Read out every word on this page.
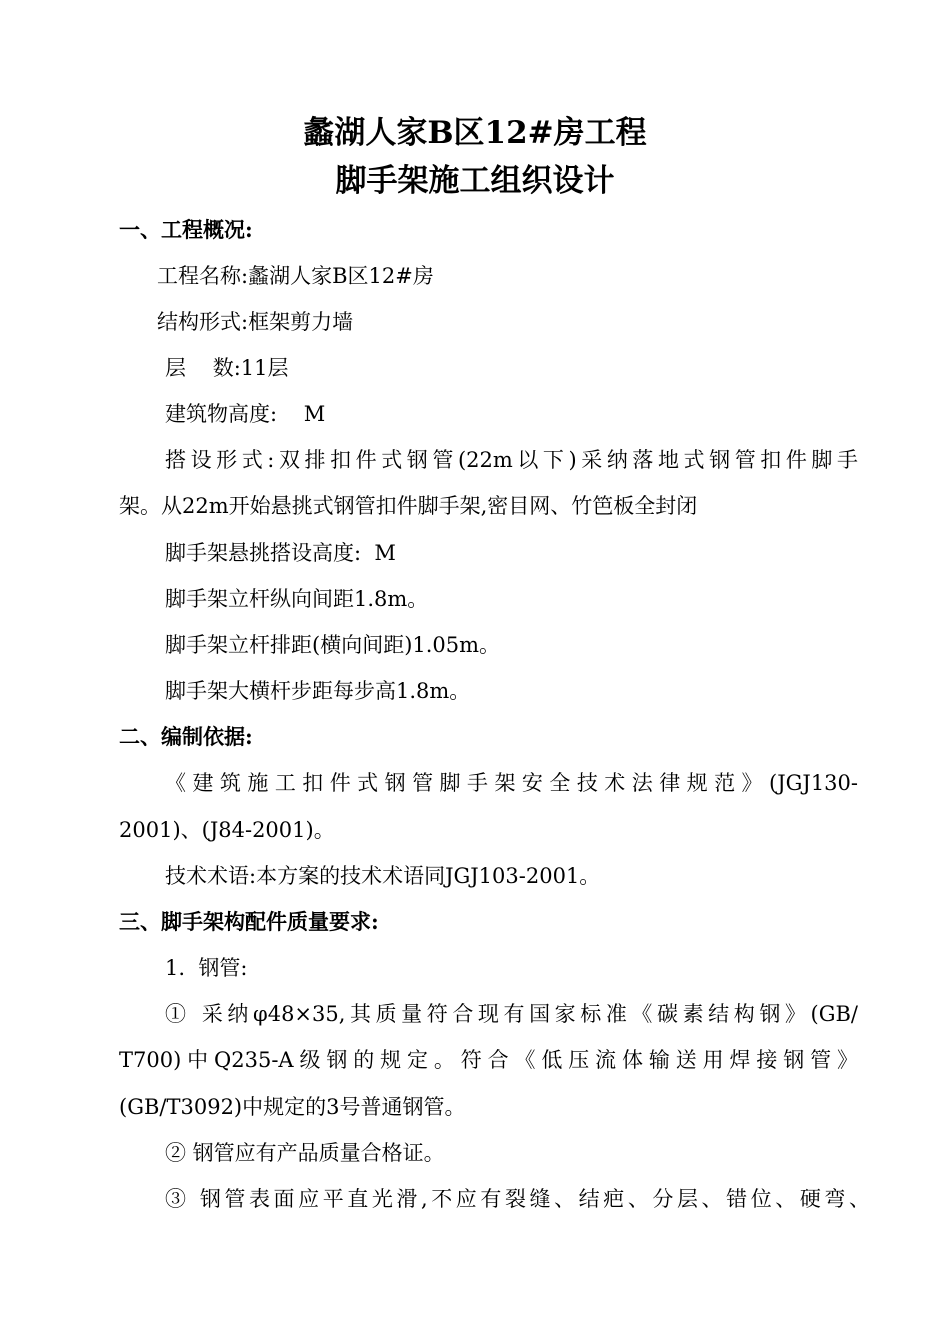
蠡湖人家B区12#房工程
脚手架施工组织设计
一、工程概况:
工程名称:蠡湖人家B区12#房
结构形式:框架剪力墙
层    数:11层
建筑物高度:    M
搭设形式:双排扣件式钢管(22m以下)采纳落地式钢管扣件脚手
架。从22m开始悬挑式钢管扣件脚手架,密目网、竹笆板全封闭
脚手架悬挑搭设高度:  M
脚手架立杆纵向间距1.8m。
脚手架立杆排距(横向间距)1.05m。
脚手架大横杆步距每步高1.8m。
二、编制依据:
《建筑施工扣件式钢管脚手架安全技术法律规范》(JGJ130-
2001)、(J84-2001)。
技术术语:本方案的技术术语同JGJ103-2001。
三、脚手架构配件质量要求:
1.  钢管:
① 采纳φ48×35,其质量符合现有国家标准《碳素结构钢》(GB/
T700)中Q235-A级钢的规定。符合《低压流体输送用焊接钢管》
(GB/T3092)中规定的3号普通钢管。
② 钢管应有产品质量合格证。
③ 钢管表面应平直光滑,不应有裂缝、结疤、分层、错位、硬弯、
